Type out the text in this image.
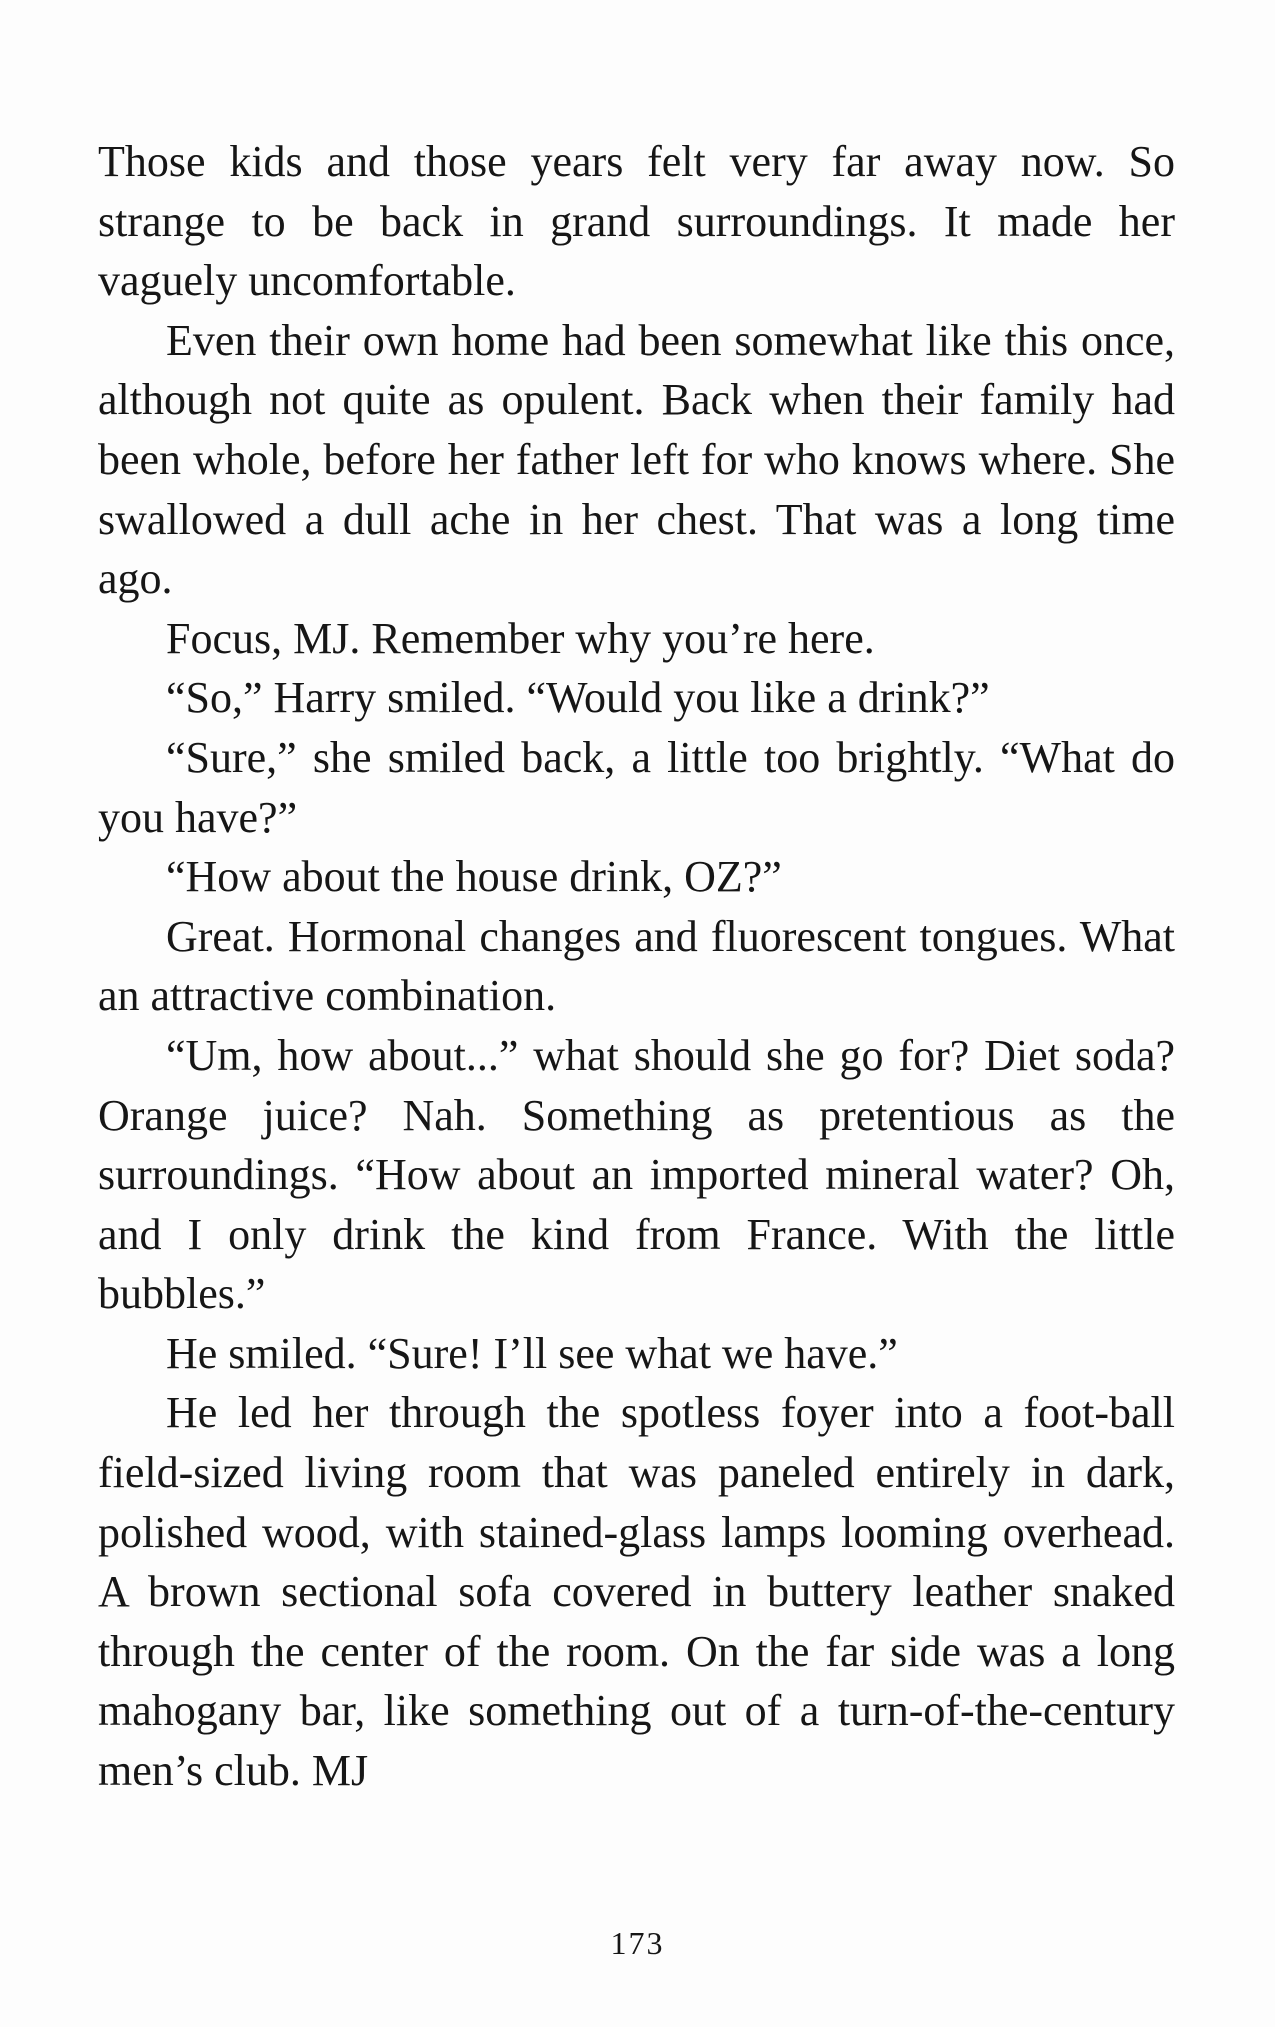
Those kids and those years felt very far away now. So strange to be back in grand surroundings. It made her vaguely uncomfortable.

Even their own home had been somewhat like this once, although not quite as opulent. Back when their family had been whole, before her father left for who knows where. She swallowed a dull ache in her chest. That was a long time ago.

Focus, MJ. Remember why you’re here.

“So,” Harry smiled. “Would you like a drink?”

“Sure,” she smiled back, a little too brightly. “What do you have?”

“How about the house drink, OZ?”

Great. Hormonal changes and fluorescent tongues. What an attractive combination.

“Um, how about...” what should she go for? Diet soda? Orange juice? Nah. Something as pretentious as the surroundings. “How about an imported mineral water? Oh, and I only drink the kind from France. With the little bubbles.”

He smiled. “Sure! I’ll see what we have.”

He led her through the spotless foyer into a foot-ball field-sized living room that was paneled entirely in dark, polished wood, with stained-glass lamps looming overhead. A brown sectional sofa covered in buttery leather snaked through the center of the room. On the far side was a long mahogany bar, like something out of a turn-of-the-century men’s club. MJ

173
